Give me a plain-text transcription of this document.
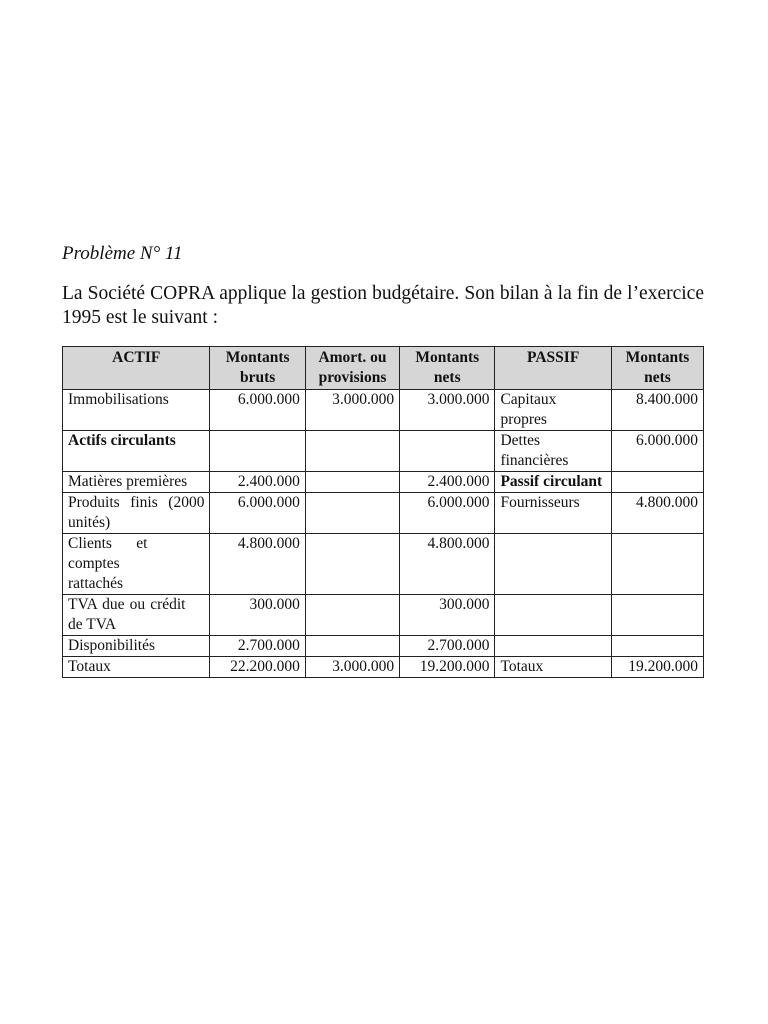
Problème N° 11

La Société COPRA applique la gestion budgétaire. Son bilan à la fin de l’exercice 1995 est le suivant :

ACTIF	Montants bruts	Amort. ou provisions	Montants nets	PASSIF	Montants nets
Immobilisations	6.000.000	3.000.000	3.000.000	Capitaux propres	8.400.000
Actifs circulants				Dettes financières	6.000.000
Matières premières	2.400.000		2.400.000	Passif circulant	
Produits finis (2000 unités)	6.000.000		6.000.000	Fournisseurs	4.800.000
Clients et comptes rattachés	4.800.000		4.800.000		
TVA due ou crédit de TVA	300.000		300.000		
Disponibilités	2.700.000		2.700.000		
Totaux	22.200.000	3.000.000	19.200.000	Totaux	19.200.000
